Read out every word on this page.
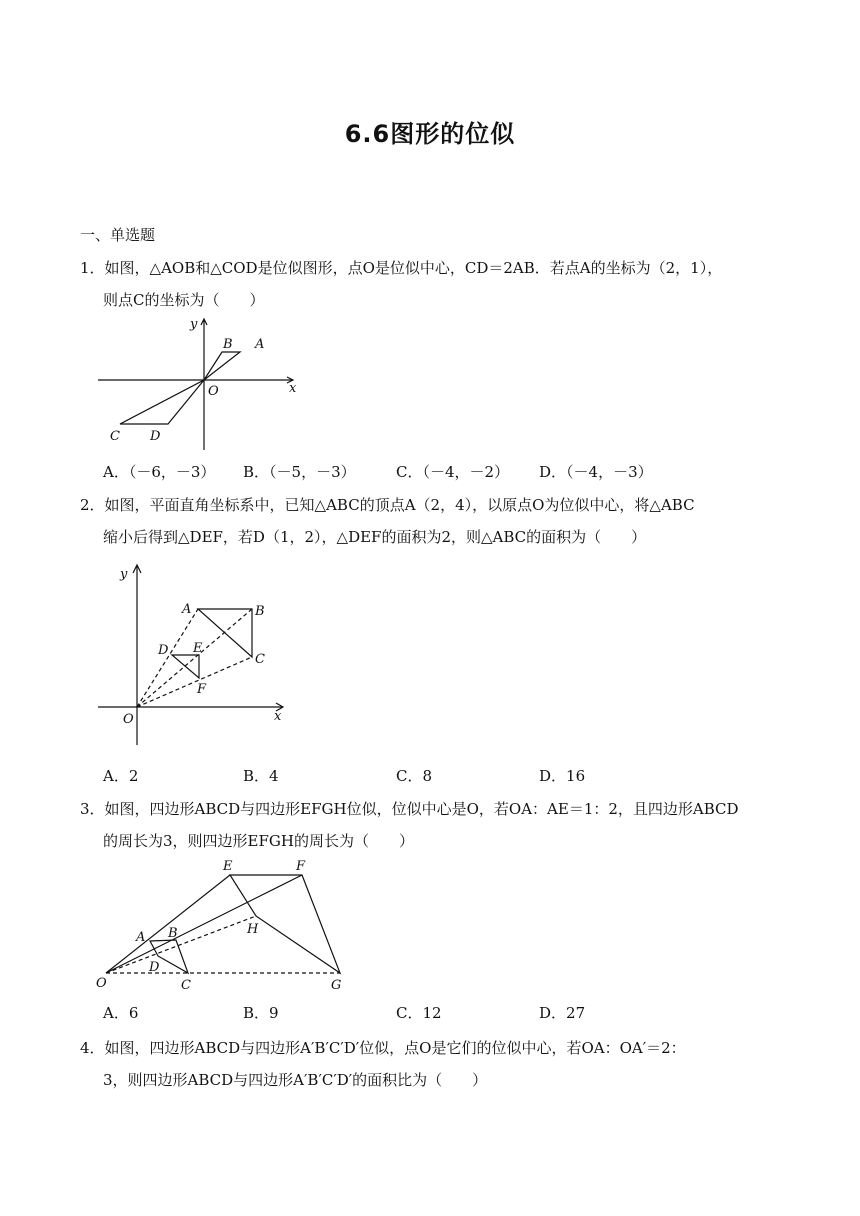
6.6图形的位似
一、单选题
1．如图，△AOB和△COD是位似图形，点O是位似中心，CD＝2AB．若点A的坐标为（2，1），
则点C的坐标为（　　）
y
x
O
B A
C D
A．（－6，－3） B．（－5，－3）	C．（－4，－2） D．（－4，－3）
2．如图，平面直角坐标系中，已知△ABC的顶点A（2，4），以原点O为位似中心，将△ABC
缩小后得到△DEF，若D（1，2），△DEF的面积为2，则△ABC的面积为（　　）
y
x
O
A	B
C
D E
F
A．2	B．4	C．8	D．16
3．如图，四边形ABCD与四边形EFGH位似，位似中心是O，若OA：AE＝1：2，且四边形ABCD
的周长为3，则四边形EFGH的周长为（　　）
E	F
H
A B
D
O	C	G
A．6	B．9	C．12	D．27
4．如图，四边形ABCD与四边形A′B′C′D′位似，点O是它们的位似中心，若OA：OA′＝2：
3，则四边形ABCD与四边形A′B′C′D′的面积比为（　　）
